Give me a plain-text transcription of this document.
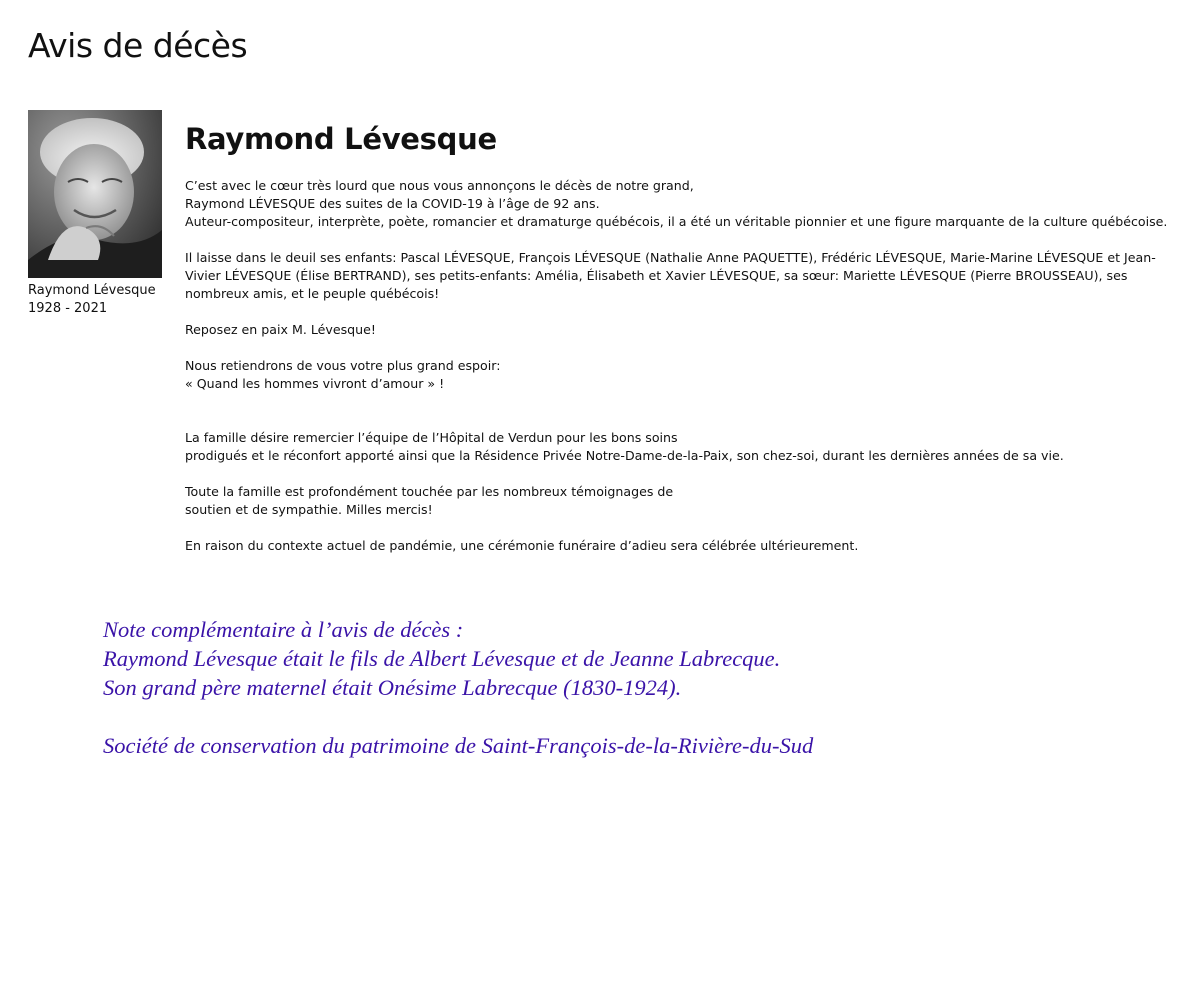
Avis de décès
Raymond Lévesque
1928 - 2021
Raymond Lévesque

C’est avec le cœur très lourd que nous vous annonçons le décès de notre grand,
Raymond LÉVESQUE des suites de la COVID-19 à l’âge de 92 ans.
Auteur-compositeur, interprète, poète, romancier et dramaturge québécois, il a été un véritable pionnier et une figure marquante de la culture québécoise.

Il laisse dans le deuil ses enfants: Pascal LÉVESQUE, François LÉVESQUE (Nathalie Anne PAQUETTE), Frédéric LÉVESQUE, Marie-Marine LÉVESQUE et Jean-Vivier LÉVESQUE (Élise BERTRAND), ses petits-enfants: Amélia, Élisabeth et Xavier LÉVESQUE, sa sœur: Mariette LÉVESQUE (Pierre BROUSSEAU), ses nombreux amis, et le peuple québécois!

Reposez en paix M. Lévesque!

Nous retiendrons de vous votre plus grand espoir:
« Quand les hommes vivront d’amour » !

La famille désire remercier l’équipe de l’Hôpital de Verdun pour les bons soins
prodigués et le réconfort apporté ainsi que la Résidence Privée Notre-Dame-de-la-Paix, son chez-soi, durant les dernières années de sa vie.

Toute la famille est profondément touchée par les nombreux témoignages de
soutien et de sympathie. Milles mercis!

En raison du contexte actuel de pandémie, une cérémonie funéraire d’adieu sera célébrée ultérieurement.

Note complémentaire à l’avis de décès :
Raymond Lévesque était le fils de Albert Lévesque et de Jeanne Labrecque.
Son grand père maternel était Onésime Labrecque (1830-1924).
Société de conservation du patrimoine de Saint-François-de-la-Rivière-du-Sud
